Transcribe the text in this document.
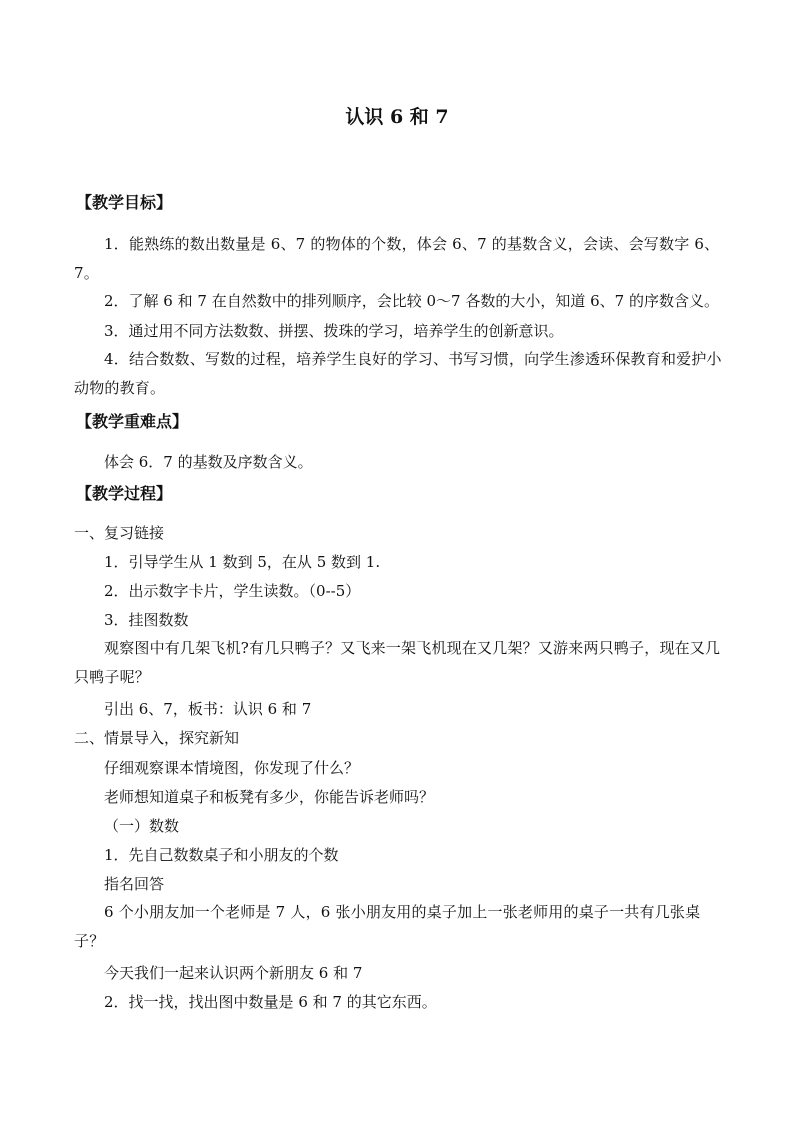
认识 6 和 7
【教学目标】
1．能熟练的数出数量是 6、7 的物体的个数，体会 6、7 的基数含义，会读、会写数字 6、7。
2．了解 6 和 7 在自然数中的排列顺序，会比较 0～7 各数的大小，知道 6、7 的序数含义。
3．通过用不同方法数数、拼摆、拨珠的学习，培养学生的创新意识。
4．结合数数、写数的过程，培养学生良好的学习、书写习惯，向学生渗透环保教育和爱护小动物的教育。
【教学重难点】
体会 6．7 的基数及序数含义。
【教学过程】
一、复习链接
1．引导学生从 1 数到 5，在从 5 数到 1.
2．出示数字卡片，学生读数。（0--5）
3．挂图数数
观察图中有几架飞机?有几只鸭子？又飞来一架飞机现在又几架？又游来两只鸭子，现在又几只鸭子呢？
引出 6、7，板书：认识 6 和 7
二、情景导入，探究新知
仔细观察课本情境图，你发现了什么？
老师想知道桌子和板凳有多少，你能告诉老师吗？
（一）数数
1．先自己数数桌子和小朋友的个数
指名回答
6 个小朋友加一个老师是 7 人，6 张小朋友用的桌子加上一张老师用的桌子一共有几张桌子？
今天我们一起来认识两个新朋友 6 和 7
2．找一找，找出图中数量是 6 和 7 的其它东西。
